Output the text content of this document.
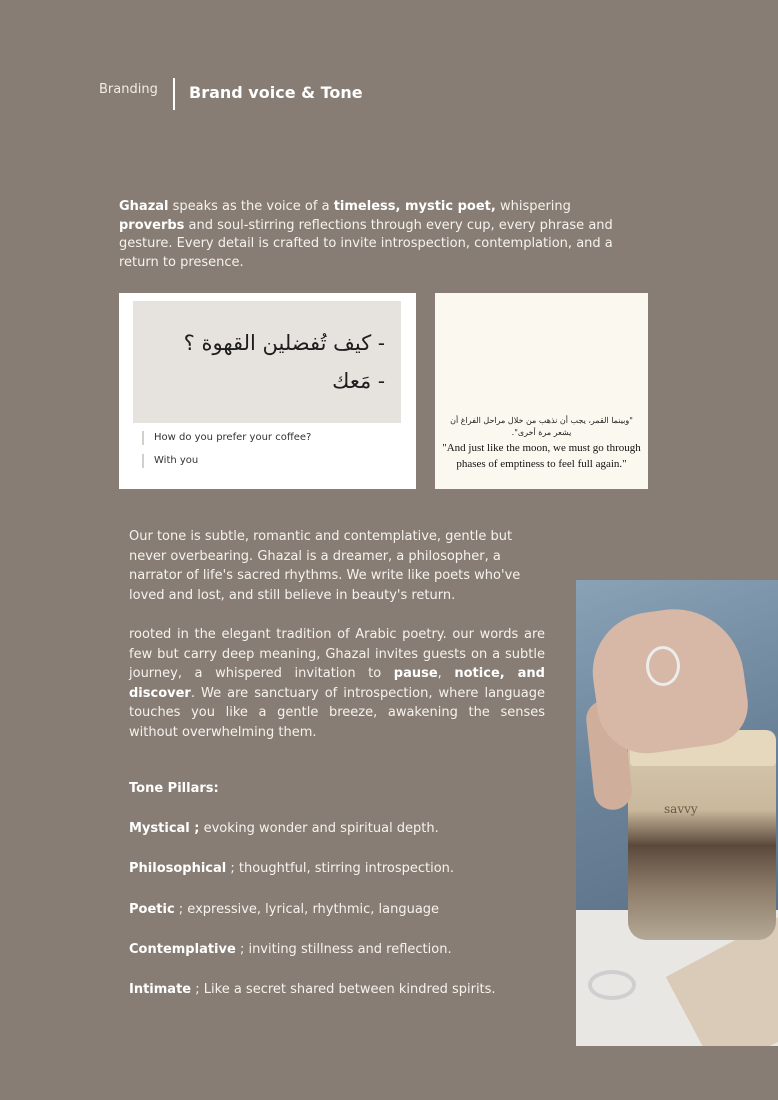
Branding Brand voice & Tone
Ghazal speaks as the voice of a timeless, mystic poet, whispering proverbs and soul-stirring reflections through every cup, every phrase and gesture. Every detail is crafted to invite introspection, contemplation, and a return to presence.
- كيف تُفضلين القهوة ؟
- مَعك
How do you prefer your coffee?
With you
"وبينما القمر، يجب أن نذهب من خلال مراحل الفراغ أن يشعر مرة أخرى".
"And just like the moon, we must go through phases of emptiness to feel full again."
Our tone is subtle, romantic and contemplative, gentle but never overbearing. Ghazal is a dreamer, a philosopher, a narrator of life's sacred rhythms. We write like poets who've loved and lost, and still believe in beauty's return.
rooted in the elegant tradition of Arabic poetry. our words are few but carry deep meaning, Ghazal invites guests on a subtle journey, a whispered invitation to pause, notice, and discover. We are sanctuary of introspection, where language touches you like a gentle breeze, awakening the senses without overwhelming them.
Tone Pillars:
Mystical ; evoking wonder and spiritual depth.
Philosophical ; thoughtful, stirring introspection.
Poetic ; expressive, lyrical, rhythmic, language
Contemplative ; inviting stillness and reflection.
Intimate ; Like a secret shared between kindred spirits.
savvy
